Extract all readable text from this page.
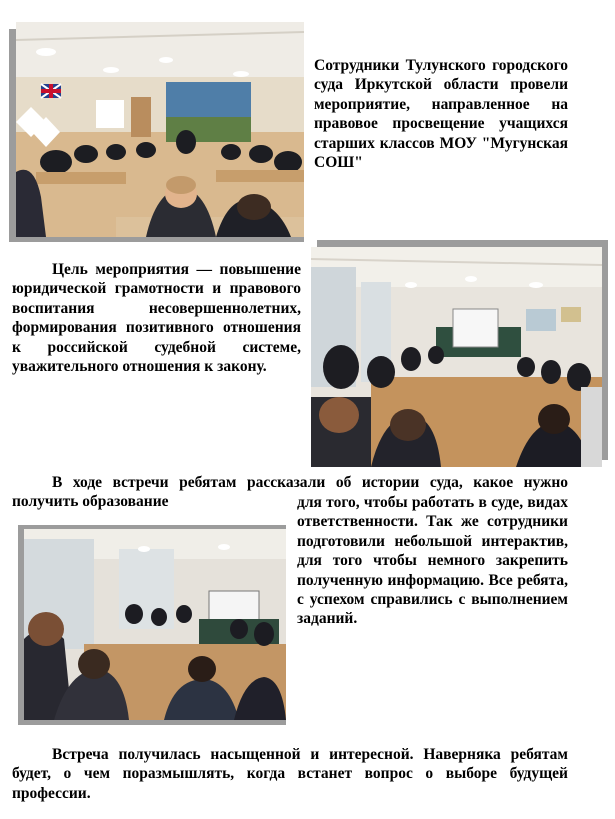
Сотрудники Тулунского городского суда Иркутской области провели мероприятие, направленное на правовое просвещение учащихся старших классов МОУ "Мугунская СОШ"
Цель мероприятия — повышение юридической грамотности и правового воспитания несовершеннолетних, формирования позитивного отношения к российской судебной системе, уважительного отношения к закону.
В ходе встречи ребятам рассказали об истории суда, какое нужно получить образование	для того, чтобы работать в суде, видах ответственности. Так же сотрудники подготовили небольшой интерактив, для того чтобы немного закрепить полученную информацию. Все ребята, с успехом справились с выполнением заданий.
Встреча получилась насыщенной и интересной. Наверняка ребятам будет, о чем поразмышлять, когда встанет вопрос о выборе будущей профессии.
